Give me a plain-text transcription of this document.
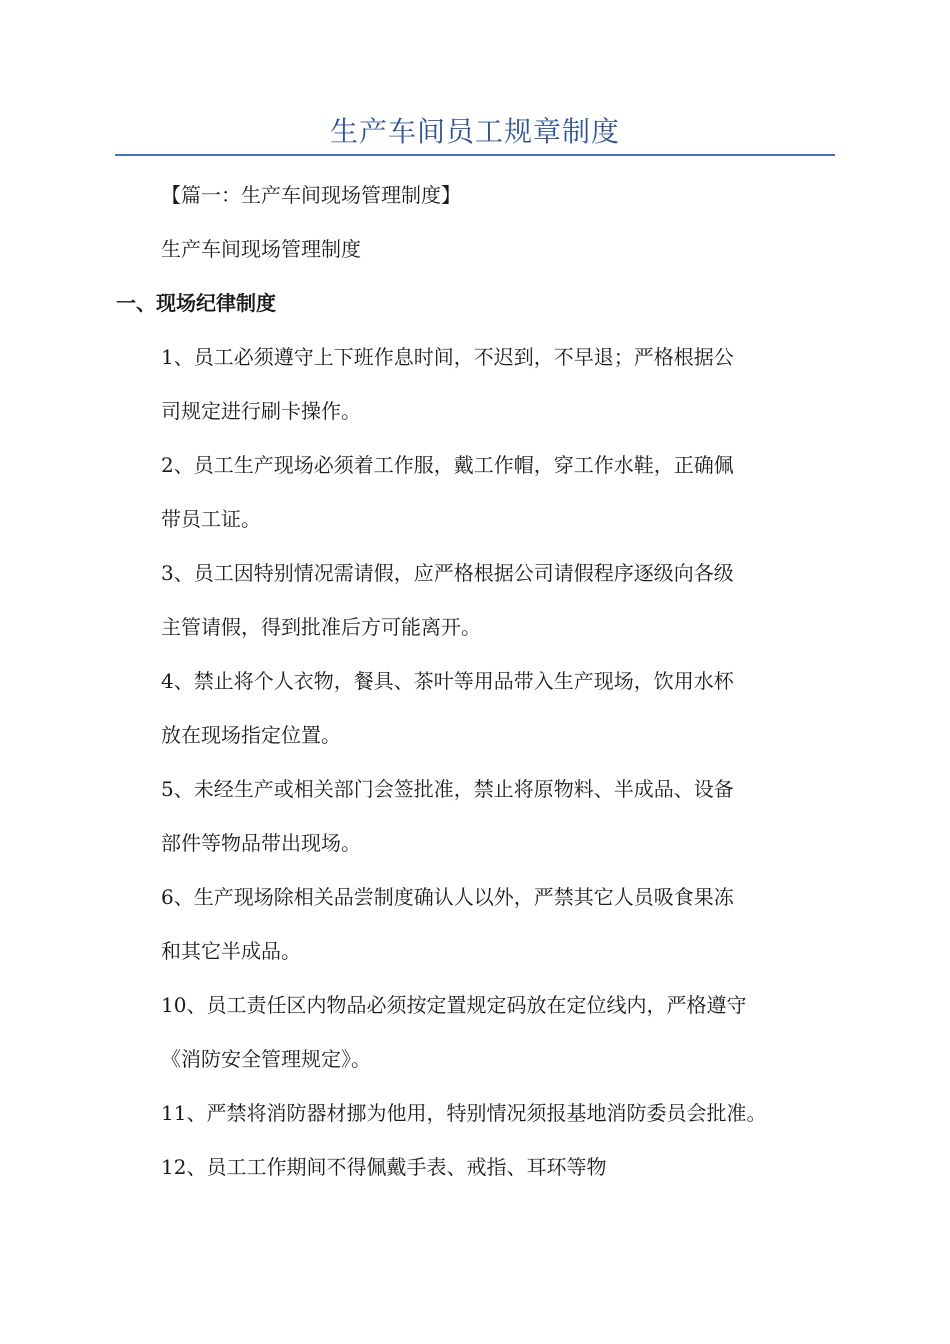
生产车间员工规章制度
【篇一：生产车间现场管理制度】
生产车间现场管理制度
一、现场纪律制度
1、员工必须遵守上下班作息时间，不迟到，不早退；严格根据公
司规定进行刷卡操作。
2、员工生产现场必须着工作服，戴工作帽，穿工作水鞋，正确佩
带员工证。
3、员工因特别情况需请假，应严格根据公司请假程序逐级向各级
主管请假，得到批准后方可能离开。
4、禁止将个人衣物，餐具、茶叶等用品带入生产现场，饮用水杯
放在现场指定位置。
5、未经生产或相关部门会签批准，禁止将原物料、半成品、设备
部件等物品带出现场。
6、生产现场除相关品尝制度确认人以外，严禁其它人员吸食果冻
和其它半成品。
10、员工责任区内物品必须按定置规定码放在定位线内，严格遵守
《消防安全管理规定》。
11、严禁将消防器材挪为他用，特别情况须报基地消防委员会批准。
12、员工工作期间不得佩戴手表、戒指、耳环等物
